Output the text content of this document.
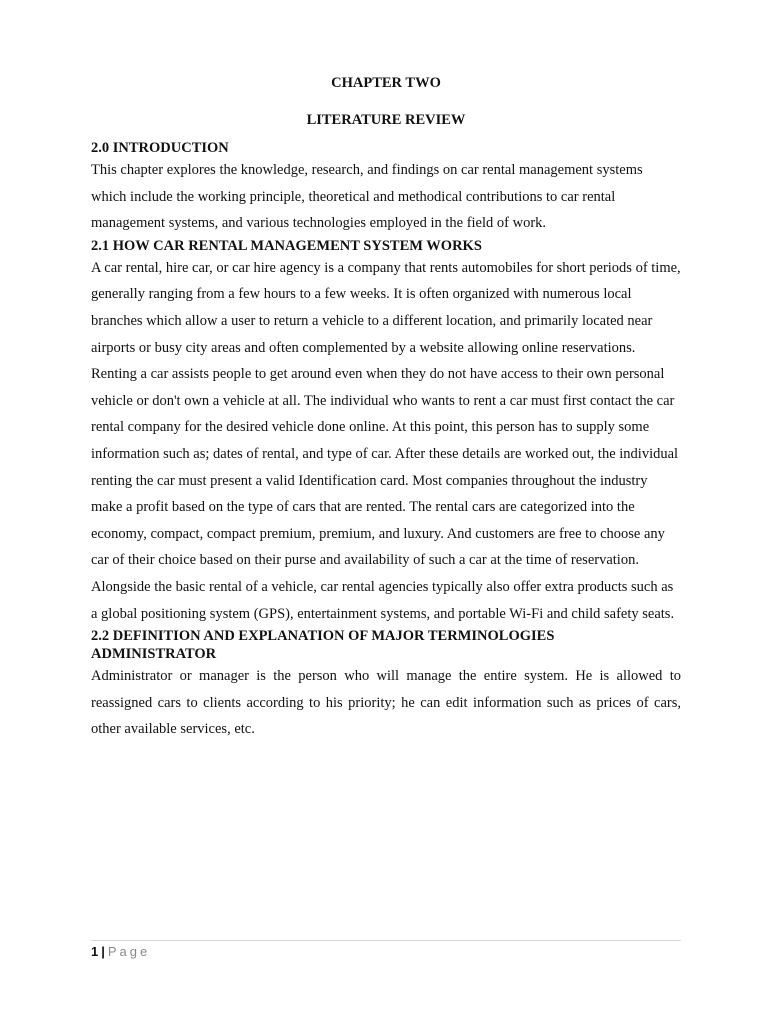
CHAPTER TWO
LITERATURE REVIEW
2.0 INTRODUCTION

This chapter explores the knowledge, research, and findings on car rental management systems which include the working principle, theoretical and methodical contributions to car rental management systems, and various technologies employed in the field of work.

2.1 HOW CAR RENTAL MANAGEMENT SYSTEM WORKS

A car rental, hire car, or car hire agency is a company that rents automobiles for short periods of time, generally ranging from a few hours to a few weeks. It is often organized with numerous local branches which allow a user to return a vehicle to a different location, and primarily located near airports or busy city areas and often complemented by a website allowing online reservations.

Renting a car assists people to get around even when they do not have access to their own personal vehicle or don't own a vehicle at all. The individual who wants to rent a car must first contact the car rental company for the desired vehicle done online. At this point, this person has to supply some information such as; dates of rental, and type of car. After these details are worked out, the individual renting the car must present a valid Identification card. Most companies throughout the industry make a profit based on the type of cars that are rented. The rental cars are categorized into the economy, compact, compact premium, premium, and luxury. And customers are free to choose any car of their choice based on their purse and availability of such a car at the time of reservation.

Alongside the basic rental of a vehicle, car rental agencies typically also offer extra products such as a global positioning system (GPS), entertainment systems, and portable Wi-Fi and child safety seats.

2.2 DEFINITION AND EXPLANATION OF MAJOR TERMINOLOGIES
ADMINISTRATOR

Administrator or manager is the person who will manage the entire system. He is allowed to reassigned cars to clients according to his priority; he can edit information such as prices of cars, other available services, etc.

1 | Page
